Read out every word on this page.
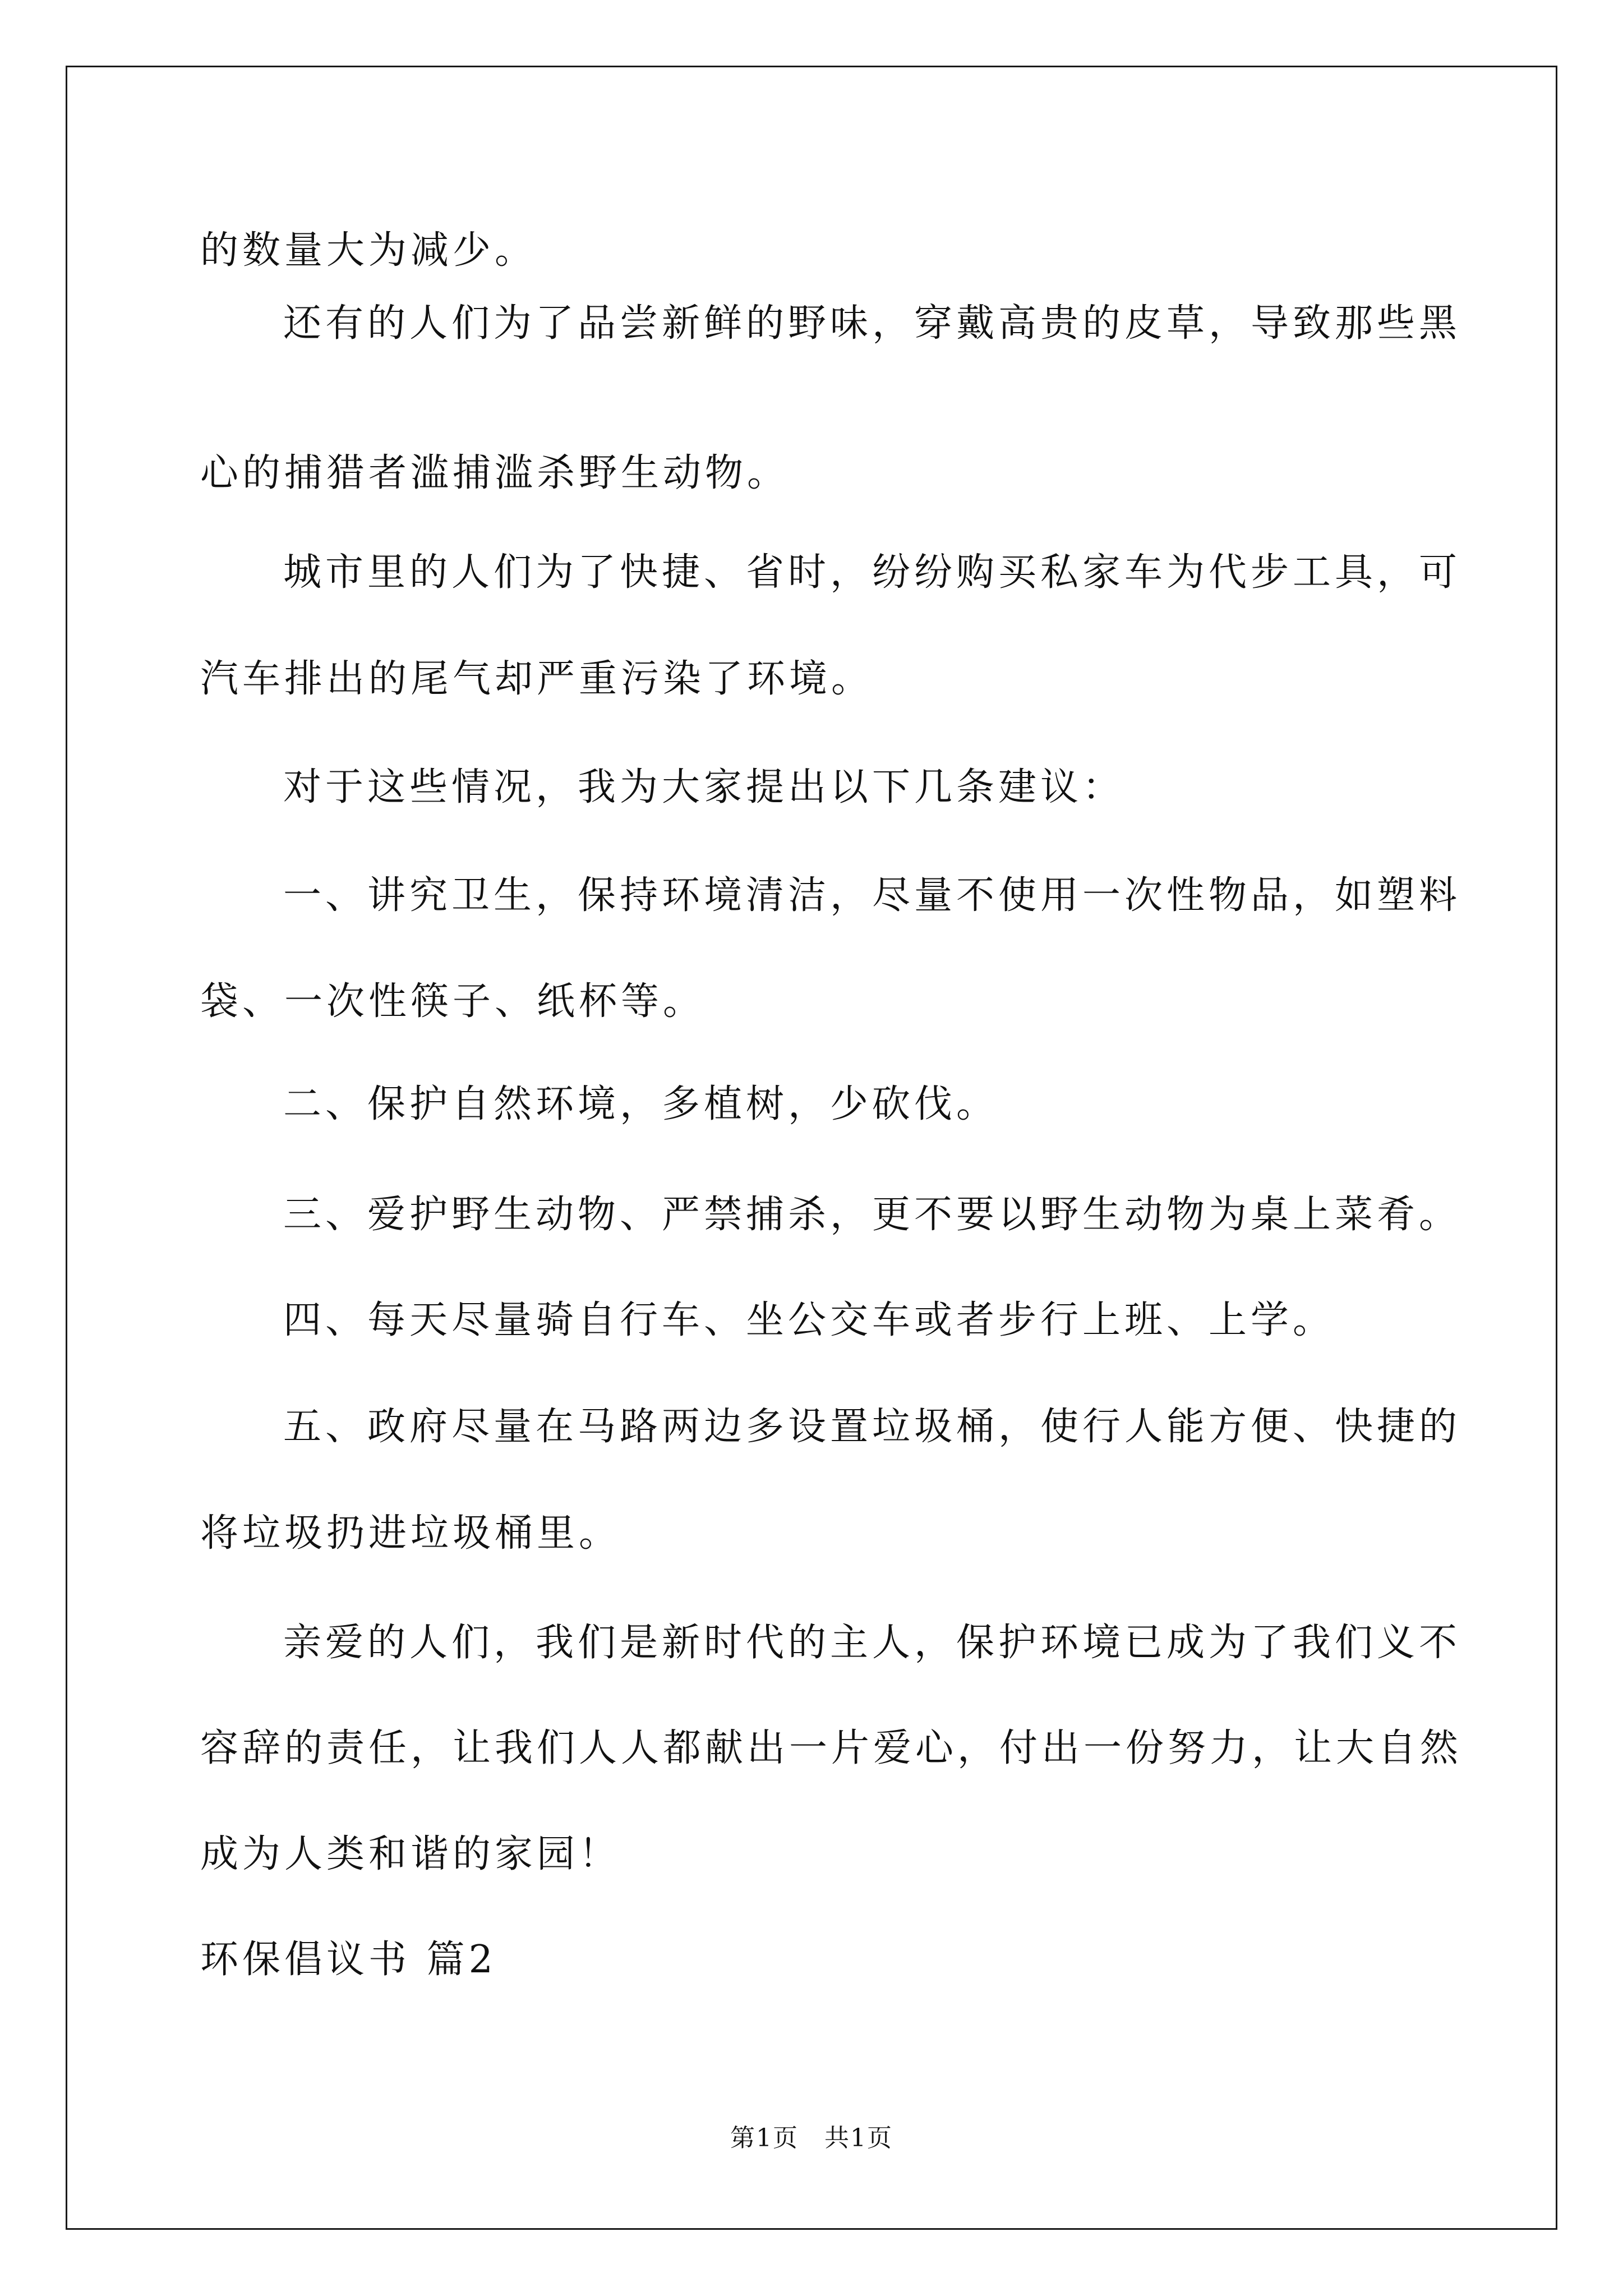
的数量大为减少。
还有的人们为了品尝新鲜的野味，穿戴高贵的皮草，导致那些黑
心的捕猎者滥捕滥杀野生动物。
城市里的人们为了快捷、省时，纷纷购买私家车为代步工具，可
汽车排出的尾气却严重污染了环境。
对于这些情况，我为大家提出以下几条建议：
一、讲究卫生，保持环境清洁，尽量不使用一次性物品，如塑料
袋、一次性筷子、纸杯等。
二、保护自然环境，多植树，少砍伐。
三、爱护野生动物、严禁捕杀，更不要以野生动物为桌上菜肴。
四、每天尽量骑自行车、坐公交车或者步行上班、上学。
五、政府尽量在马路两边多设置垃圾桶，使行人能方便、快捷的
将垃圾扔进垃圾桶里。
亲爱的人们，我们是新时代的主人，保护环境已成为了我们义不
容辞的责任，让我们人人都献出一片爱心，付出一份努力，让大自然
成为人类和谐的家园！
环保倡议书 篇2
第1页　共1页
